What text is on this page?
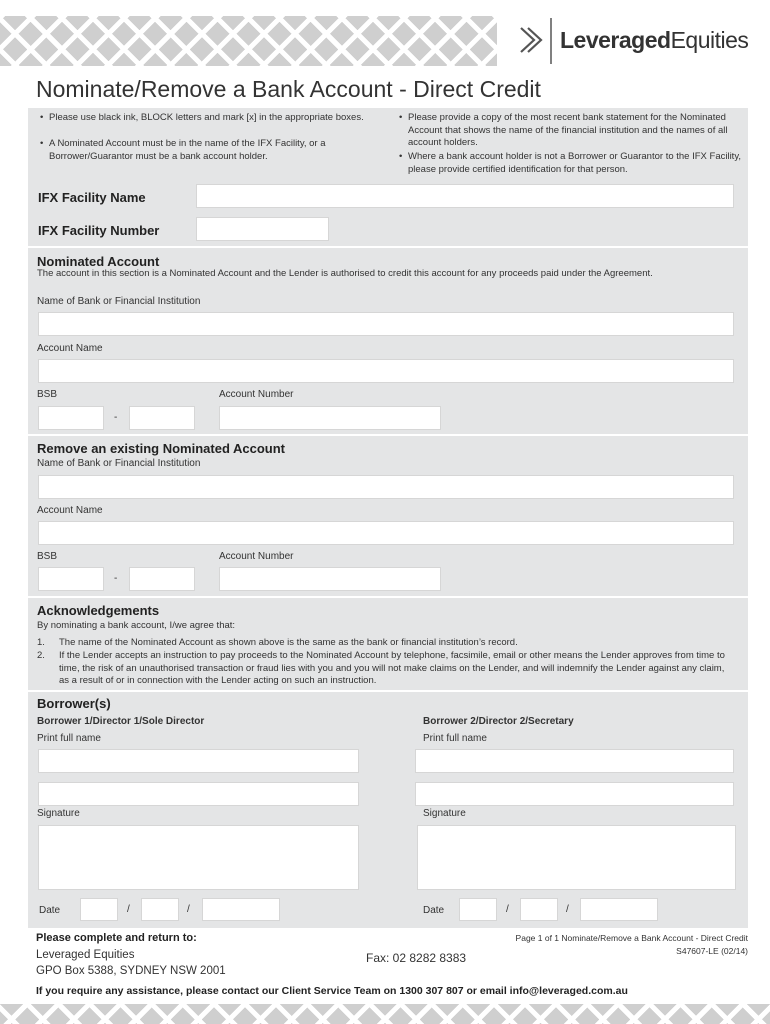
LeveragedEquities
Nominate/Remove a Bank Account - Direct Credit
• Please use black ink, BLOCK letters and mark [x] in the appropriate boxes.
• A Nominated Account must be in the name of the IFX Facility, or a Borrower/Guarantor must be a bank account holder.
• Please provide a copy of the most recent bank statement for the Nominated Account that shows the name of the financial institution and the names of all account holders.
• Where a bank account holder is not a Borrower or Guarantor to the IFX Facility, please provide certified identification for that person.
IFX Facility Name
IFX Facility Number
Nominated Account
The account in this section is a Nominated Account and the Lender is authorised to credit this account for any proceeds paid under the Agreement.
Name of Bank or Financial Institution
Account Name
BSB	Account Number
-
Remove an existing Nominated Account
Name of Bank or Financial Institution
Account Name
BSB	Account Number
-
Acknowledgements
By nominating a bank account, I/we agree that:
1. The name of the Nominated Account as shown above is the same as the bank or financial institution’s record.
2. If the Lender accepts an instruction to pay proceeds to the Nominated Account by telephone, facsimile, email or other means the Lender approves from time to time, the risk of an unauthorised transaction or fraud lies with you and you will not make claims on the Lender, and will indemnify the Lender against any claim, as a result of or in connection with the Lender acting on such an instruction.
Borrower(s)
Borrower 1/Director 1/Sole Director	Borrower 2/Director 2/Secretary
Print full name	Print full name
Signature	Signature
Date	/	/	Date	/	/
Please complete and return to:
Leveraged Equities
GPO Box 5388, SYDNEY NSW 2001
Fax: 02 8282 8383
Page 1 of 1 Nominate/Remove a Bank Account - Direct Credit
S47607-LE (02/14)
If you require any assistance, please contact our Client Service Team on 1300 307 807 or email info@leveraged.com.au
